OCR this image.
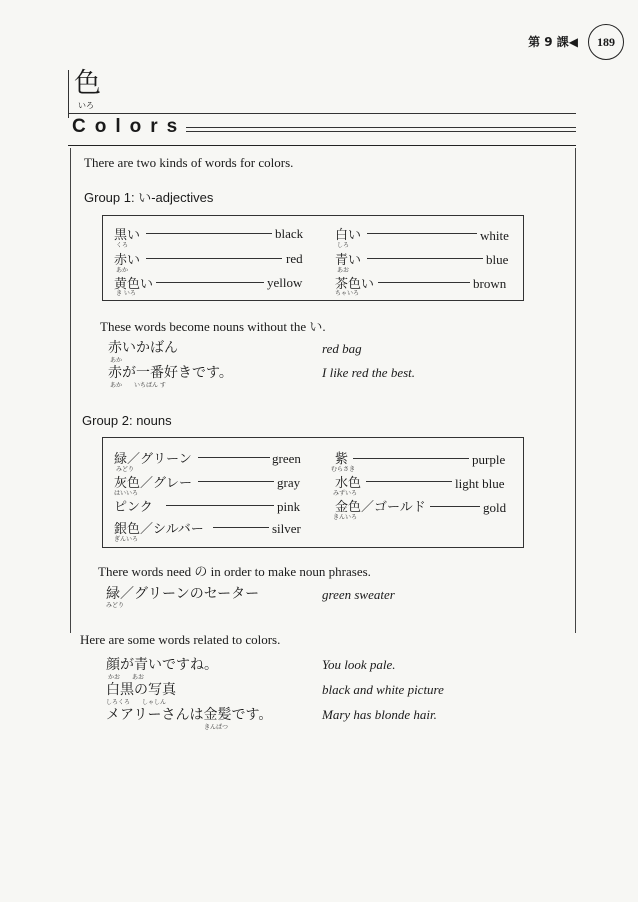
第 9 課◀	189
色
いろ
Colors
There are two kinds of words for colors.
Group 1: い-adjectives
黒い
くろ
black
赤い
あか
red
黄色い
き いろ
yellow
白い
しろ
white
青い
あお
blue
茶色い
ちゃいろ
brown
These words become nouns without the い.
赤いかばん
あか
red bag
赤が一番好きです。
あか　　いちばん す
I like red the best.
Group 2: nouns
緑／グリーン
みどり
green
灰色／グレー
はいいろ
gray
ピンク	pink
銀色／シルバー
ぎんいろ
silver
紫
むらさき
purple
水色
みずいろ
light blue
金色／ゴールド
きんいろ
gold
There words need の in order to make noun phrases.
緑／グリーンのセーター
みどり
green sweater
Here are some words related to colors.
顔が青いですね。
かお　　あお
You look pale.
白黒の写真
しろくろ　　しゃしん
black and white picture
メアリーさんは金髪です。
きんぱつ
Mary has blonde hair.
